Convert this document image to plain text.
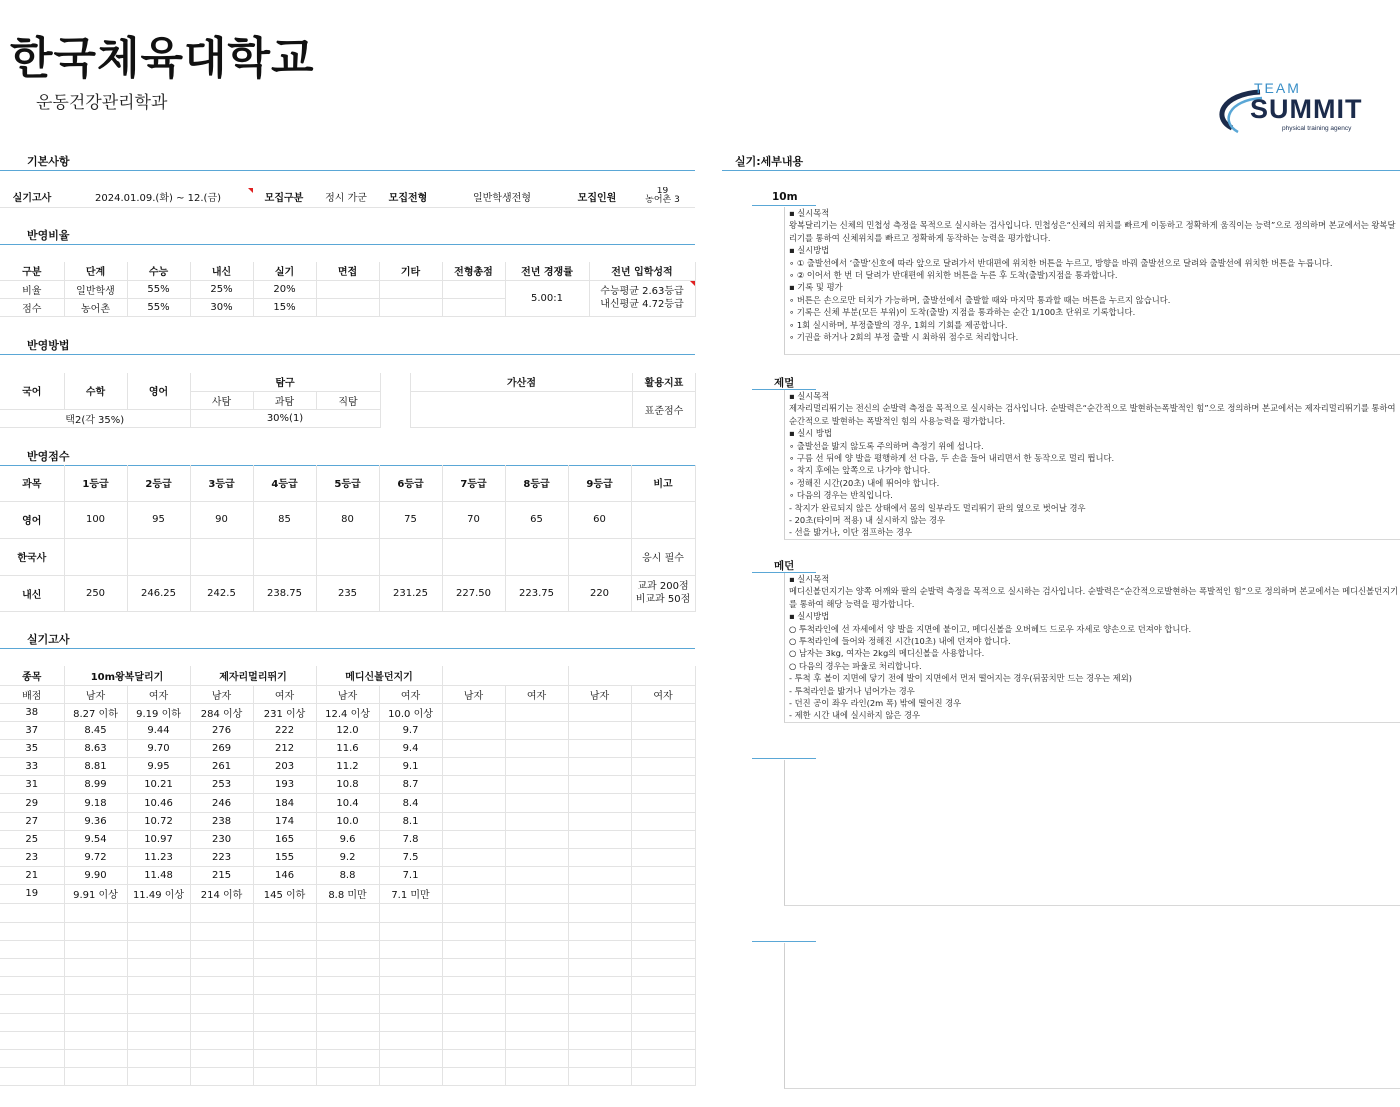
한국체육대학교
운동건강관리학과
TEAM
SUMMIT
physical training agency
기본사항
반영비율
반영방법
반영점수
실기고사
실기:세부내용
실기고사	2024.01.09.(화) ~ 12.(금)	모집구분	정시 가군	모집전형	일반학생전형	모집인원	
19
농어촌 3
구분	단계	수능	내신	실기	면접	기타	전형총점	전년 경쟁률	전년 입학성적
비율	일반학생	55%	25%	20%				5.00:1	수능평균 2.63등급
내신평균 4.72등급

점수	농어촌	55%	30%	15%					
국어	수학	영어	탐구		
			사탐	과탐	직탐
택2(각 35%)			30%(1)		
가산점	활용지표
	표준점수
과목	1등급	2등급	3등급	4등급	5등급	6등급	7등급	8등급	9등급	비고
영어	100	95	90	85	80	75	70	65	60	
한국사										응시 필수
내신	250	246.25	242.5	238.75	235	231.25	227.50	223.75	220	교과 200점
비교과 50점
종목	10m왕복달리기		제자리멀리뛰기		메디신볼던지기					
배점	남자	여자	남자	여자	남자	여자	남자	여자	남자	여자
38	8.27 이하	9.19 이하	284 이상	231 이상	12.4 이상	10.0 이상				
37	8.45	9.44	276	222	12.0	9.7				
35	8.63	9.70	269	212	11.6	9.4				
33	8.81	9.95	261	203	11.2	9.1				
31	8.99	10.21	253	193	10.8	8.7				
29	9.18	10.46	246	184	10.4	8.4				
27	9.36	10.72	238	174	10.0	8.1				
25	9.54	10.97	230	165	9.6	7.8				
23	9.72	11.23	223	155	9.2	7.5				
21	9.90	11.48	215	146	8.8	7.1				
19	9.91 이상	11.49 이상	214 이하	145 이하	8.8 미만	7.1 미만				

10m
▪ 실시목적
왕복달리기는 신체의 민첩성 측정을 목적으로 실시하는 검사입니다. 민첩성은“신체의 위치를 빠르게 이동하고 정확하게 움직이는 능력”으로 정의하며 본교에서는 왕복달리기를 통하여 신체위치를 빠르고 정확하게 동작하는 능력을 평가합니다.
▪ 실시방법
∘ ① 출발선에서 ‘출발’신호에 따라 앞으로 달려가서 반대편에 위치한 버튼을 누르고, 방향을 바꿔 출발선으로 달려와 출발선에 위치한 버튼을 누릅니다.
∘ ② 이어서 한 번 더 달려가 반대편에 위치한 버튼을 누른 후 도착(출발)지점을 통과합니다.
▪ 기록 및 평가
∘ 버튼은 손으로만 터치가 가능하며, 출발선에서 출발할 때와 마지막 통과할 때는 버튼을 누르지 않습니다.
∘ 기록은 신체 부분(모든 부위)이 도착(출발) 지점을 통과하는 순간 1/100초 단위로 기록합니다.
∘ 1회 실시하며, 부정출발의 경우, 1회의 기회를 제공합니다.
∘ 기권을 하거나 2회의 부정 출발 시 최하위 점수로 처리합니다.
제멀
▪ 실시목적
제자리멀리뛰기는 전신의 순발력 측정을 목적으로 실시하는 검사입니다. 순발력은“순간적으로 발현하는폭발적인 힘”으로 정의하며 본교에서는 제자리멀리뛰기를 통하여 순간적으로 발현하는 폭발적인 힘의 사용능력을 평가합니다.
▪ 실시 방법
∘ 출발선을 밟지 않도록 주의하며 측정기 위에 섭니다.
∘ 구름 선 뒤에 양 발을 평행하게 선 다음, 두 손을 들어 내리면서 한 동작으로 멀리 뜁니다.
∘ 착지 후에는 앞쪽으로 나가야 합니다.
∘ 정해진 시간(20초) 내에 뛰어야 합니다.
∘ 다음의 경우는 반칙입니다.
- 착지가 완료되지 않은 상태에서 몸의 일부라도 멀리뛰기 판의 옆으로 벗어날 경우
- 20초(타이머 적용) 내 실시하지 않는 경우
- 선을 밟거나, 이단 점프하는 경우
메던
▪ 실시목적
메디신볼던지기는 양쪽 어깨와 팔의 순발력 측정을 목적으로 실시하는 검사입니다. 순발력은“순간적으로발현하는 폭발적인 힘”으로 정의하며 본교에서는 메디신볼던지기를 통하여 해당 능력을 평가합니다.
▪ 실시방법
○ 투척라인에 선 자세에서 양 발을 지면에 붙이고, 메디신볼을 오버헤드 드로우 자세로 양손으로 던져야 합니다.
○ 투척라인에 들어와 정해진 시간(10초) 내에 던져야 합니다.
○ 남자는 3kg, 여자는 2kg의 메디신볼을 사용합니다.
○ 다음의 경우는 파울로 처리합니다.
- 투척 후 볼이 지면에 닿기 전에 발이 지면에서 먼저 떨어지는 경우(뒤꿈치만 드는 경우는 제외)
- 투척라인을 밟거나 넘어가는 경우
- 던진 공이 좌우 라인(2m 폭) 밖에 떨어진 경우
- 제한 시간 내에 실시하지 않은 경우
